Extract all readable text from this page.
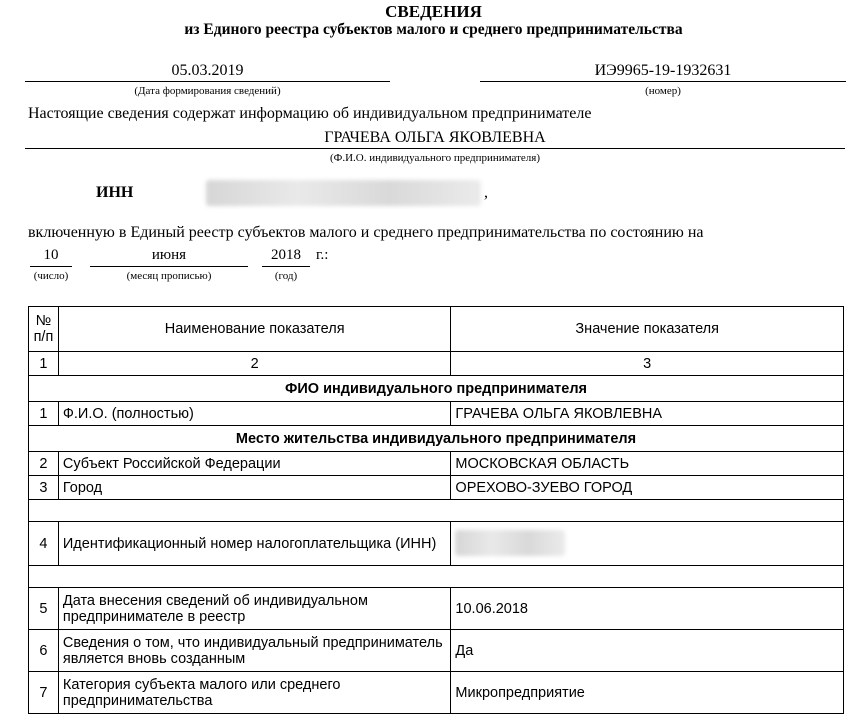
СВЕДЕНИЯ
из Единого реестра субъектов малого и среднего предпринимательства
05.03.2019
(Дата формирования сведений)
ИЭ9965-19-1932631
(номер)
Настоящие сведения содержат информацию об индивидуальном предпринимателе
ГРАЧЕВА ОЛЬГА ЯКОВЛЕВНА
(Ф.И.О. индивидуального предпринимателя)
ИНН	,
включенную в Единый реестр субъектов малого и среднего предпринимательства по состоянию на
10
(число)
июня
(месяц прописью)
2018
(год)
г.:
№ п/п	Наименование показателя	Значение показателя
1	2	3
ФИО индивидуального предпринимателя		
1	Ф.И.О. (полностью)	ГРАЧЕВА ОЛЬГА ЯКОВЛЕВНА
Место жительства индивидуального предпринимателя		
2	Субъект Российской Федерации	МОСКОВСКАЯ ОБЛАСТЬ
3	Город	ОРЕХОВО-ЗУЕВО ГОРОД

4	Идентификационный номер налогоплательщика (ИНН)	

5	Дата внесения сведений об индивидуальном предпринимателе в реестр	10.06.2018
6	Сведения о том, что индивидуальный предприниматель является вновь созданным	Да
7	Категория субъекта малого или среднего предпринимательства	Микропредприятие
